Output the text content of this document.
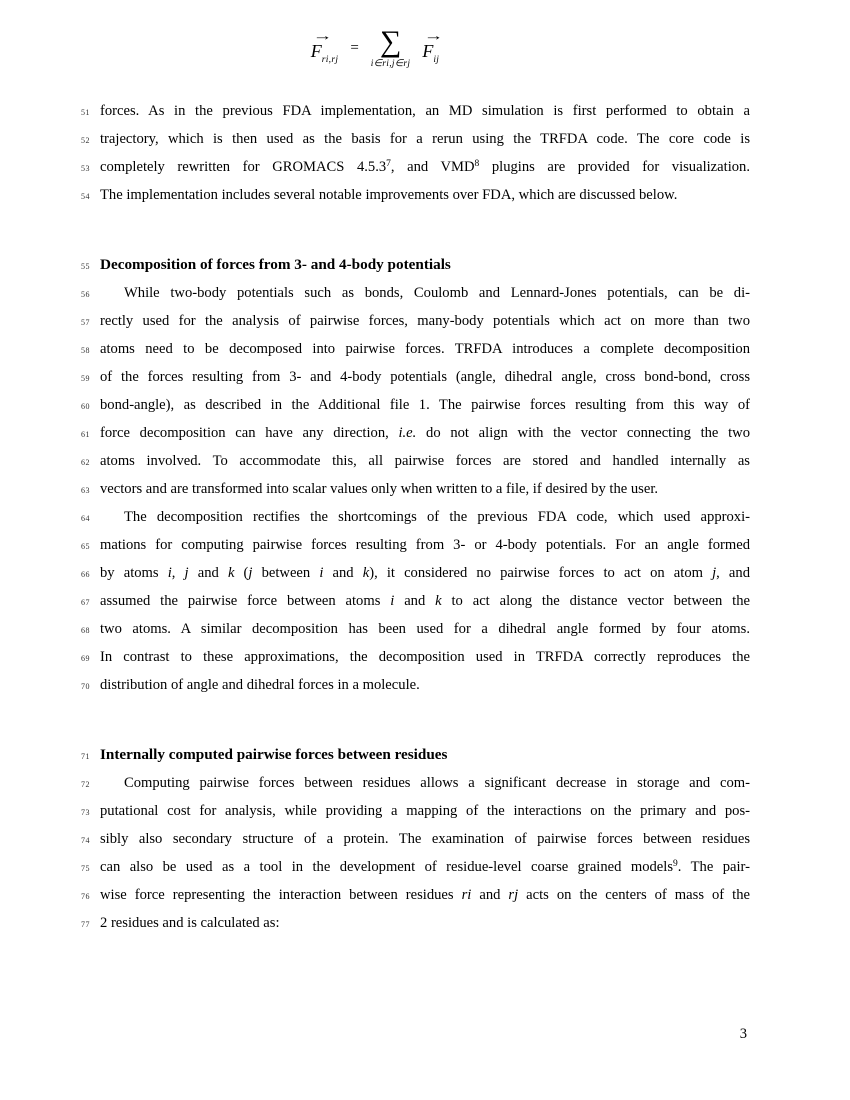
51 forces. As in the previous FDA implementation, an MD simulation is first performed to obtain a
52 trajectory, which is then used as the basis for a rerun using the TRFDA code. The core code is
53 completely rewritten for GROMACS 4.5.3$^7$, and VMD$^8$ plugins are provided for visualization.
54 The implementation includes several notable improvements over FDA, which are discussed below.
55 Decomposition of forces from 3- and 4-body potentials
56	While two-body potentials such as bonds, Coulomb and Lennard-Jones potentials, can be di-
57 rectly used for the analysis of pairwise forces, many-body potentials which act on more than two
58 atoms need to be decomposed into pairwise forces. TRFDA introduces a complete decomposition
59 of the forces resulting from 3- and 4-body potentials (angle, dihedral angle, cross bond-bond, cross
60 bond-angle), as described in the Additional file 1. The pairwise forces resulting from this way of
61 force decomposition can have any direction, i.e. do not align with the vector connecting the two
62 atoms involved. To accommodate this, all pairwise forces are stored and handled internally as
63 vectors and are transformed into scalar values only when written to a file, if desired by the user.
64	The decomposition rectifies the shortcomings of the previous FDA code, which used approxi-
65 mations for computing pairwise forces resulting from 3- or 4-body potentials. For an angle formed
66 by atoms i, j and k (j between i and k), it considered no pairwise forces to act on atom j, and
67 assumed the pairwise force between atoms i and k to act along the distance vector between the
68 two atoms. A similar decomposition has been used for a dihedral angle formed by four atoms.
69 In contrast to these approximations, the decomposition used in TRFDA correctly reproduces the
70 distribution of angle and dihedral forces in a molecule.
71 Internally computed pairwise forces between residues
72	Computing pairwise forces between residues allows a significant decrease in storage and com-
73 putational cost for analysis, while providing a mapping of the interactions on the primary and pos-
74 sibly also secondary structure of a protein. The examination of pairwise forces between residues
75 can also be used as a tool in the development of residue-level coarse grained models$^9$. The pair-
76 wise force representing the interaction between residues ri and rj acts on the centers of mass of the
77 2 residues and is calculated as:
→
$F_{ri,rj}$
= ∑
i∈ri,j∈rj
→
$F_{ij}$
3
